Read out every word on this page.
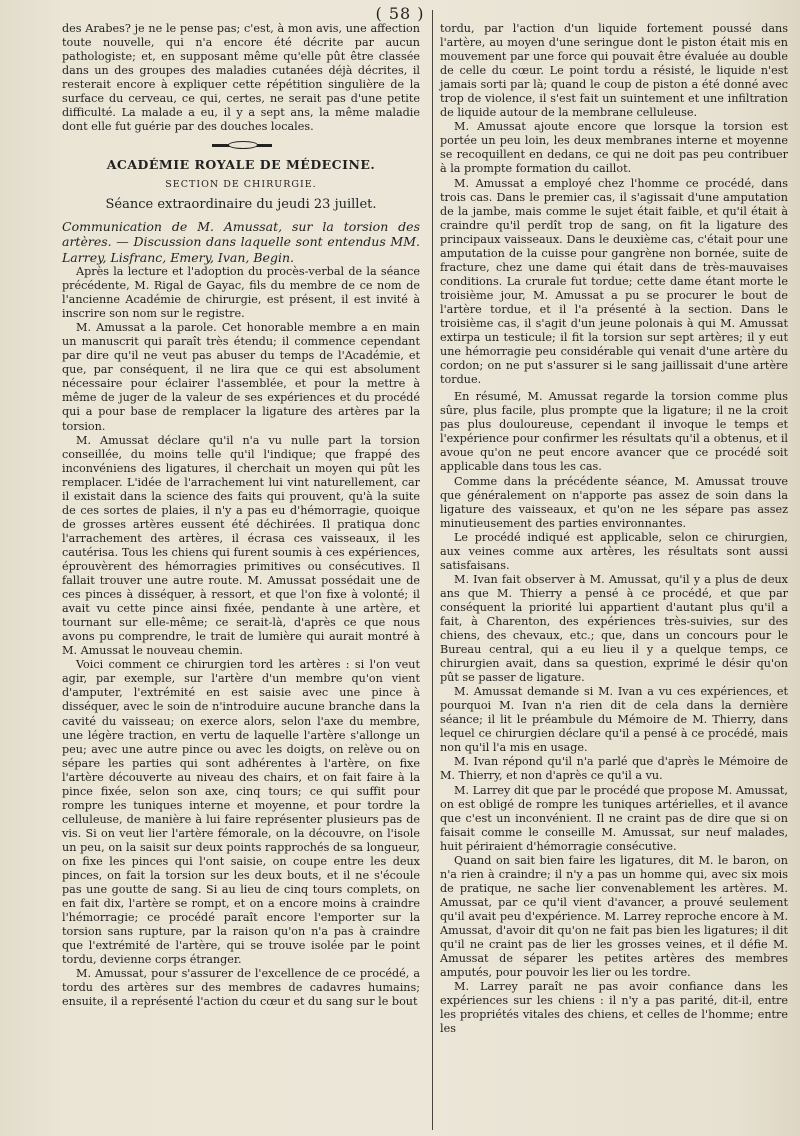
( 58 )

des Arabes? je ne le pense pas; c'est, à mon avis, une affection toute nouvelle, qui n'a encore été décrite par aucun pathologiste; et, en supposant même qu'elle pût être classée dans un des groupes des maladies cutanées déjà décrites, il resterait encore à expliquer cette répétition singulière de la surface du cerveau, ce qui, certes, ne serait pas d'une petite difficulté. La malade a eu, il y a sept ans, la même maladie dont elle fut guérie par des douches locales.

ACADÉMIE ROYALE DE MÉDECINE.
SECTION DE CHIRURGIE.
Séance extraordinaire du jeudi 23 juillet.

Communication de M. Amussat, sur la torsion des artères. — Discussion dans laquelle sont entendus MM. Larrey, Lisfranc, Emery, Ivan, Begin.

Après la lecture et l'adoption du procès-verbal de la séance précédente, M. Rigal de Gayac, fils du membre de ce nom de l'ancienne Académie de chirurgie, est présent, il est invité à inscrire son nom sur le registre.

M. Amussat a la parole. Cet honorable membre a en main un manuscrit qui paraît très étendu; il commence cependant par dire qu'il ne veut pas abuser du temps de l'Académie, et que, par conséquent, il ne lira que ce qui est absolument nécessaire pour éclairer l'assemblée, et pour la mettre à même de juger de la valeur de ses expériences et du procédé qui a pour base de remplacer la ligature des artères par la torsion.

M. Amussat déclare qu'il n'a vu nulle part la torsion conseillée, du moins telle qu'il l'indique; que frappé des inconvéniens des ligatures, il cherchait un moyen qui pût les remplacer. L'idée de l'arrachement lui vint naturellement, car il existait dans la science des faits qui prouvent, qu'à la suite de ces sortes de plaies, il n'y a pas eu d'hémorragie, quoique de grosses artères eussent été déchirées. Il pratiqua donc l'arrachement des artères, il écrasa ces vaisseaux, il les cautérisa. Tous les chiens qui furent soumis à ces expériences, éprouvèrent des hémorragies primitives ou consécutives. Il fallait trouver une autre route. M. Amussat possédait une de ces pinces à disséquer, à ressort, et que l'on fixe à volonté; il avait vu cette pince ainsi fixée, pendante à une artère, et tournant sur elle-même; ce serait-là, d'après ce que nous avons pu comprendre, le trait de lumière qui aurait montré à M. Amussat le nouveau chemin.

Voici comment ce chirurgien tord les artères : si l'on veut agir, par exemple, sur l'artère d'un membre qu'on vient d'amputer, l'extrémité en est saisie avec une pince à disséquer, avec le soin de n'introduire aucune branche dans la cavité du vaisseau; on exerce alors, selon l'axe du membre, une légère traction, en vertu de laquelle l'artère s'allonge un peu; avec une autre pince ou avec les doigts, on relève ou on sépare les parties qui sont adhérentes à l'artère, on fixe l'artère découverte au niveau des chairs, et on fait faire à la pince fixée, selon son axe, cinq tours; ce qui suffit pour rompre les tuniques interne et moyenne, et pour tordre la celluleuse, de manière à lui faire représenter plusieurs pas de vis. Si on veut lier l'artère fémorale, on la découvre, on l'isole un peu, on la saisit sur deux points rapprochés de sa longueur, on fixe les pinces qui l'ont saisie, on coupe entre les deux pinces, on fait la torsion sur les deux bouts, et il ne s'écoule pas une goutte de sang. Si au lieu de cinq tours complets, on en fait dix, l'artère se rompt, et on a encore moins à craindre l'hémorragie; ce procédé paraît encore l'emporter sur la torsion sans rupture, par la raison qu'on n'a pas à craindre que l'extrémité de l'artère, qui se trouve isolée par le point tordu, devienne corps étranger.

M. Amussat, pour s'assurer de l'excellence de ce procédé, a tordu des artères sur des membres de cadavres humains; ensuite, il a représenté l'action du cœur et du sang sur le bout

tordu, par l'action d'un liquide fortement poussé dans l'artère, au moyen d'une seringue dont le piston était mis en mouvement par une force qui pouvait être évaluée au double de celle du cœur. Le point tordu a résisté, le liquide n'est jamais sorti par là; quand le coup de piston a été donné avec trop de violence, il s'est fait un suintement et une infiltration de liquide autour de la membrane celluleuse.

M. Amussat ajoute encore que lorsque la torsion est portée un peu loin, les deux membranes interne et moyenne se recoquillent en dedans, ce qui ne doit pas peu contribuer à la prompte formation du caillot.

M. Amussat a employé chez l'homme ce procédé, dans trois cas. Dans le premier cas, il s'agissait d'une amputation de la jambe, mais comme le sujet était faible, et qu'il était à craindre qu'il perdît trop de sang, on fit la ligature des principaux vaisseaux. Dans le deuxième cas, c'était pour une amputation de la cuisse pour gangrène non bornée, suite de fracture, chez une dame qui était dans de très-mauvaises conditions. La crurale fut tordue; cette dame étant morte le troisième jour, M. Amussat a pu se procurer le bout de l'artère tordue, et il l'a présenté à la section. Dans le troisième cas, il s'agit d'un jeune polonais à qui M. Amussat extirpa un testicule; il fit la torsion sur sept artères; il y eut une hémorragie peu considérable qui venait d'une artère du cordon; on ne put s'assurer si le sang jaillissait d'une artère tordue.

En résumé, M. Amussat regarde la torsion comme plus sûre, plus facile, plus prompte que la ligature; il ne la croit pas plus douloureuse, cependant il invoque le temps et l'expérience pour confirmer les résultats qu'il a obtenus, et il avoue qu'on ne peut encore avancer que ce procédé soit applicable dans tous les cas.

Comme dans la précédente séance, M. Amussat trouve que généralement on n'apporte pas assez de soin dans la ligature des vaisseaux, et qu'on ne les sépare pas assez minutieusement des parties environnantes.

Le procédé indiqué est applicable, selon ce chirurgien, aux veines comme aux artères, les résultats sont aussi satisfaisans.

M. Ivan fait observer à M. Amussat, qu'il y a plus de deux ans que M. Thierry a pensé à ce procédé, et que par conséquent la priorité lui appartient d'autant plus qu'il a fait, à Charenton, des expériences très-suivies, sur des chiens, des chevaux, etc.; que, dans un concours pour le Bureau central, qui a eu lieu il y a quelque temps, ce chirurgien avait, dans sa question, exprimé le désir qu'on pût se passer de ligature.

M. Amussat demande si M. Ivan a vu ces expériences, et pourquoi M. Ivan n'a rien dit de cela dans la dernière séance; il lit le préambule du Mémoire de M. Thierry, dans lequel ce chirurgien déclare qu'il a pensé à ce procédé, mais non qu'il l'a mis en usage.

M. Ivan répond qu'il n'a parlé que d'après le Mémoire de M. Thierry, et non d'après ce qu'il a vu.

M. Larrey dit que par le procédé que propose M. Amussat, on est obligé de rompre les tuniques artérielles, et il avance que c'est un inconvénient. Il ne craint pas de dire que si on faisait comme le conseille M. Amussat, sur neuf malades, huit périraient d'hémorragie consécutive.

Quand on sait bien faire les ligatures, dit M. le baron, on n'a rien à craindre; il n'y a pas un homme qui, avec six mois de pratique, ne sache lier convenablement les artères. M. Amussat, par ce qu'il vient d'avancer, a prouvé seulement qu'il avait peu d'expérience. M. Larrey reproche encore à M. Amussat, d'avoir dit qu'on ne fait pas bien les ligatures; il dit qu'il ne craint pas de lier les grosses veines, et il défie M. Amussat de séparer les petites artères des membres amputés, pour pouvoir les lier ou les tordre.

M. Larrey paraît ne pas avoir confiance dans les expériences sur les chiens : il n'y a pas parité, dit-il, entre les propriétés vitales des chiens, et celles de l'homme; entre les
